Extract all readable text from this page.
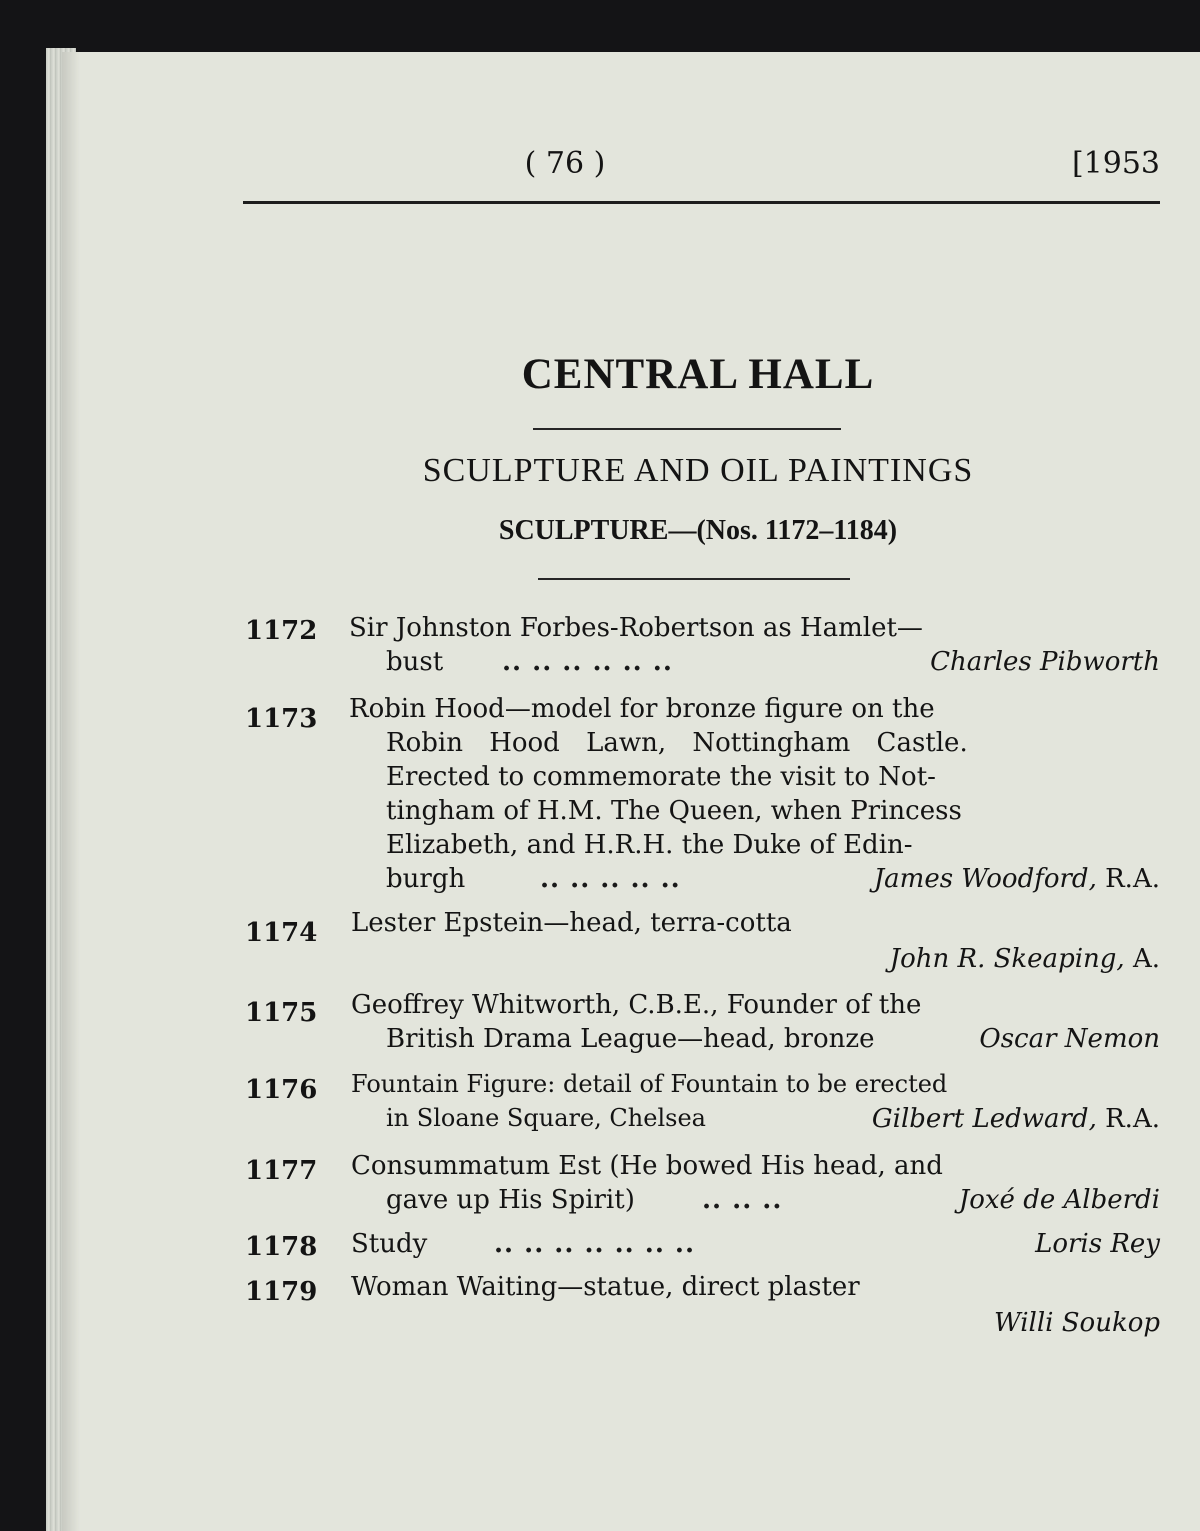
( 76 )	[1953
CENTRAL HALL
SCULPTURE AND OIL PAINTINGS
SCULPTURE—(Nos. 1172–1184)
1172 Sir Johnston Forbes-Robertson as Hamlet—
bust .. .. .. .. .. ..	Charles Pibworth
1173 Robin Hood—model for bronze figure on the
Robin Hood Lawn, Nottingham Castle.
Erected to commemorate the visit to Not-
tingham of H.M. The Queen, when Princess
Elizabeth, and H.R.H. the Duke of Edin-
burgh	.. .. .. .. ..	James Woodford, R.A.
1174 Lester Epstein—head, terra-cotta
John R. Skeaping, A.
1175 Geoffrey Whitworth, C.B.E., Founder of the
British Drama League—head, bronze	Oscar Nemon
1176 Fountain Figure: detail of Fountain to be erected
in Sloane Square, Chelsea	Gilbert Ledward, R.A.
1177 Consummatum Est (He bowed His head, and
gave up His Spirit)	.. .. ..	Joxé de Alberdi
1178 Study	.. .. .. .. .. .. ..	Loris Rey
1179 Woman Waiting—statue, direct plaster
Willi Soukop
